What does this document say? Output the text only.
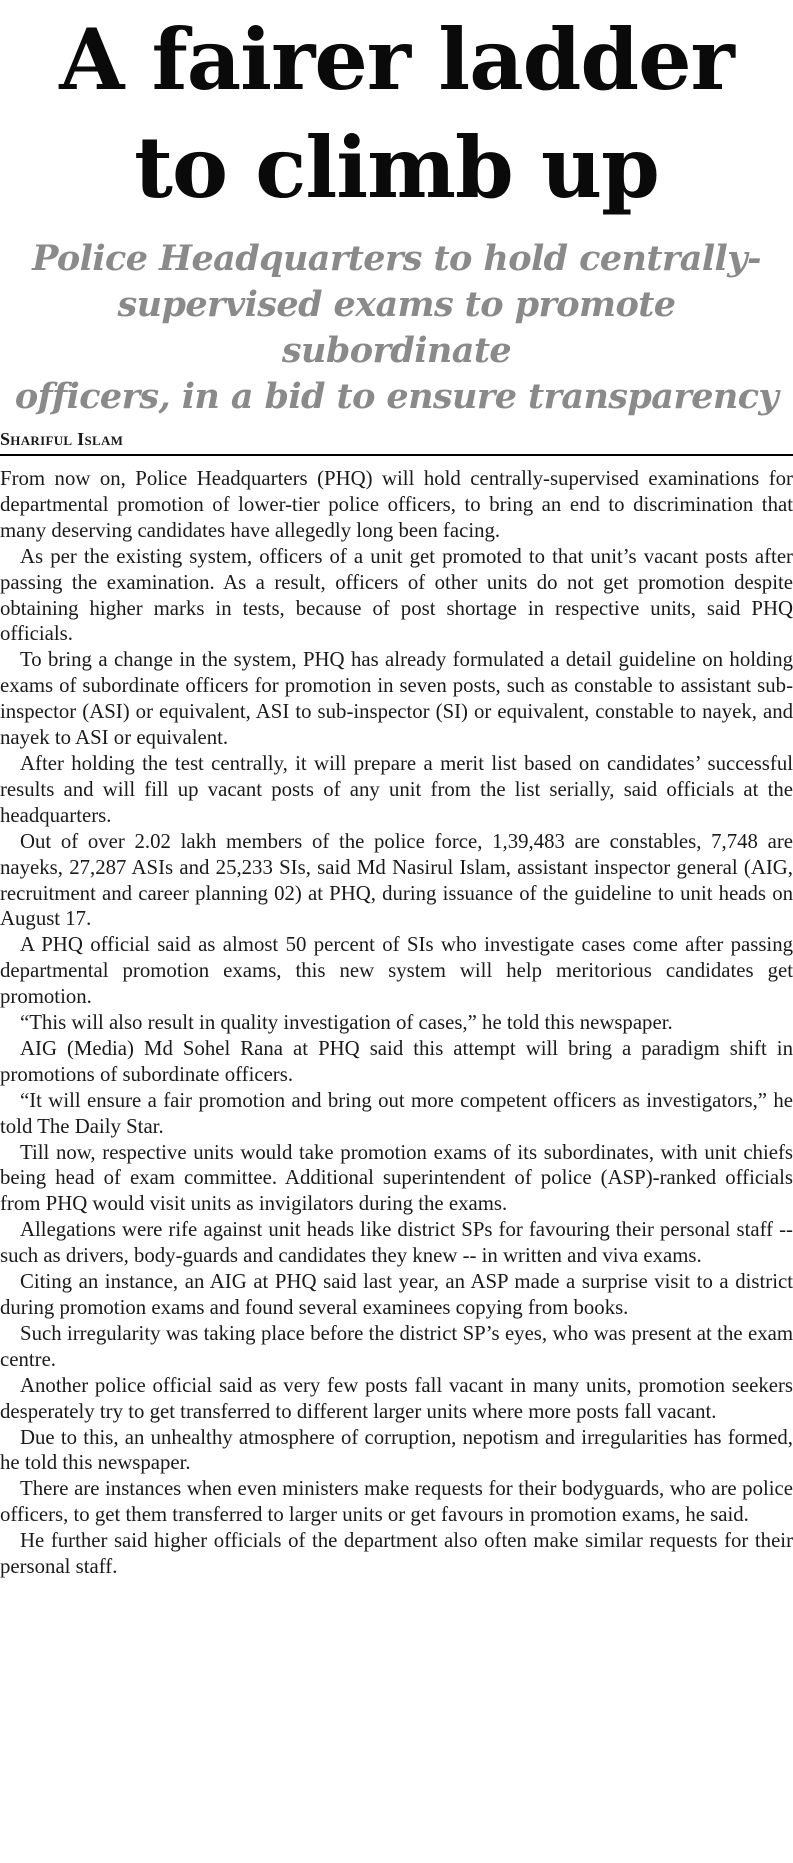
A fairer ladder
to climb up
Police Headquarters to hold centrally-
supervised exams to promote subordinate
officers, in a bid to ensure transparency
Shariful Islam

From now on, Police Headquarters (PHQ) will hold centrally-supervised examinations for departmental promotion of lower-tier police officers, to bring an end to discrimination that many deserving candidates have allegedly long been facing.

As per the existing system, officers of a unit get promoted to that unit’s vacant posts after passing the examination. As a result, officers of other units do not get promotion despite obtaining higher marks in tests, because of post shortage in respective units, said PHQ officials.

To bring a change in the system, PHQ has already formulated a detail guideline on holding exams of subordinate officers for promotion in seven posts, such as constable to assistant sub-inspector (ASI) or equivalent, ASI to sub-inspector (SI) or equivalent, constable to nayek, and nayek to ASI or equivalent.

After holding the test centrally, it will prepare a merit list based on candidates’ successful results and will fill up vacant posts of any unit from the list serially, said officials at the headquarters.

Out of over 2.02 lakh members of the police force, 1,39,483 are constables, 7,748 are nayeks, 27,287 ASIs and 25,233 SIs, said Md Nasirul Islam, assistant inspector general (AIG, recruitment and career planning 02) at PHQ, during issuance of the guideline to unit heads on August 17.

A PHQ official said as almost 50 percent of SIs who investigate cases come after passing departmental promotion exams, this new system will help meritorious candidates get promotion.

“This will also result in quality investigation of cases,” he told this newspaper.

AIG (Media) Md Sohel Rana at PHQ said this attempt will bring a paradigm shift in promotions of subordinate officers.

“It will ensure a fair promotion and bring out more competent officers as investigators,” he told The Daily Star.

Till now, respective units would take promotion exams of its subordinates, with unit chiefs being head of exam committee. Additional superintendent of police (ASP)-ranked officials from PHQ would visit units as invigilators during the exams.

Allegations were rife against unit heads like district SPs for favouring their personal staff -- such as drivers, body-guards and candidates they knew -- in written and viva exams.

Citing an instance, an AIG at PHQ said last year, an ASP made a surprise visit to a district during promotion exams and found several examinees copying from books.

Such irregularity was taking place before the district SP’s eyes, who was present at the exam centre.

Another police official said as very few posts fall vacant in many units, promotion seekers desperately try to get transferred to different larger units where more posts fall vacant.

Due to this, an unhealthy atmosphere of corruption, nepotism and irregularities has formed, he told this newspaper.

There are instances when even ministers make requests for their bodyguards, who are police officers, to get them transferred to larger units or get favours in promotion exams, he said.

He further said higher officials of the department also often make similar requests for their personal staff.
